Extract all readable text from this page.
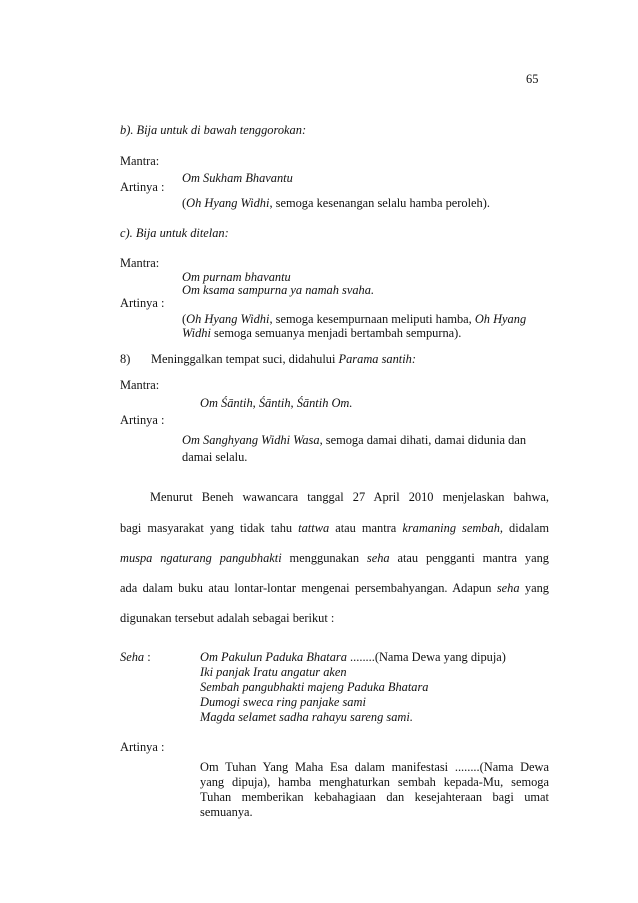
65
b). Bija untuk di bawah tenggorokan:
Mantra:
Om Sukham Bhavantu
Artinya :
(Oh Hyang Widhi, semoga kesenangan selalu hamba peroleh).
c). Bija untuk ditelan:
Mantra:
Om purnam bhavantu
Om ksama sampurna ya namah svaha.
Artinya :
(Oh Hyang Widhi, semoga kesempurnaan meliputi hamba, Oh Hyang
Widhi semoga semuanya menjadi bertambah sempurna).
8) Meninggalkan tempat suci, didahului Parama santih:
Mantra:
Om Śāntih, Śāntih, Śāntih Om.
Artinya :
Om Sanghyang Widhi Wasa, semoga damai dihati, damai didunia dan
damai selalu.
Menurut Beneh wawancara tanggal 27 April 2010 menjelaskan bahwa,
bagi masyarakat yang tidak tahu tattwa atau mantra kramaning sembah, didalam
muspa ngaturang pangubhakti menggunakan seha atau pengganti mantra yang
ada dalam buku atau lontar-lontar mengenai persembahyangan. Adapun seha yang
digunakan tersebut adalah sebagai berikut :
Seha :	Om Pakulun Paduka Bhatara ........(Nama Dewa yang dipuja)
Iki panjak Iratu angatur aken
Sembah pangubhakti majeng Paduka Bhatara
Dumogi sweca ring panjake sami
Magda selamet sadha rahayu sareng sami.
Artinya :
Om Tuhan Yang Maha Esa dalam manifestasi ........(Nama Dewa
yang dipuja), hamba menghaturkan sembah kepada-Mu, semoga
Tuhan memberikan kebahagiaan dan kesejahteraan bagi umat
semuanya.
